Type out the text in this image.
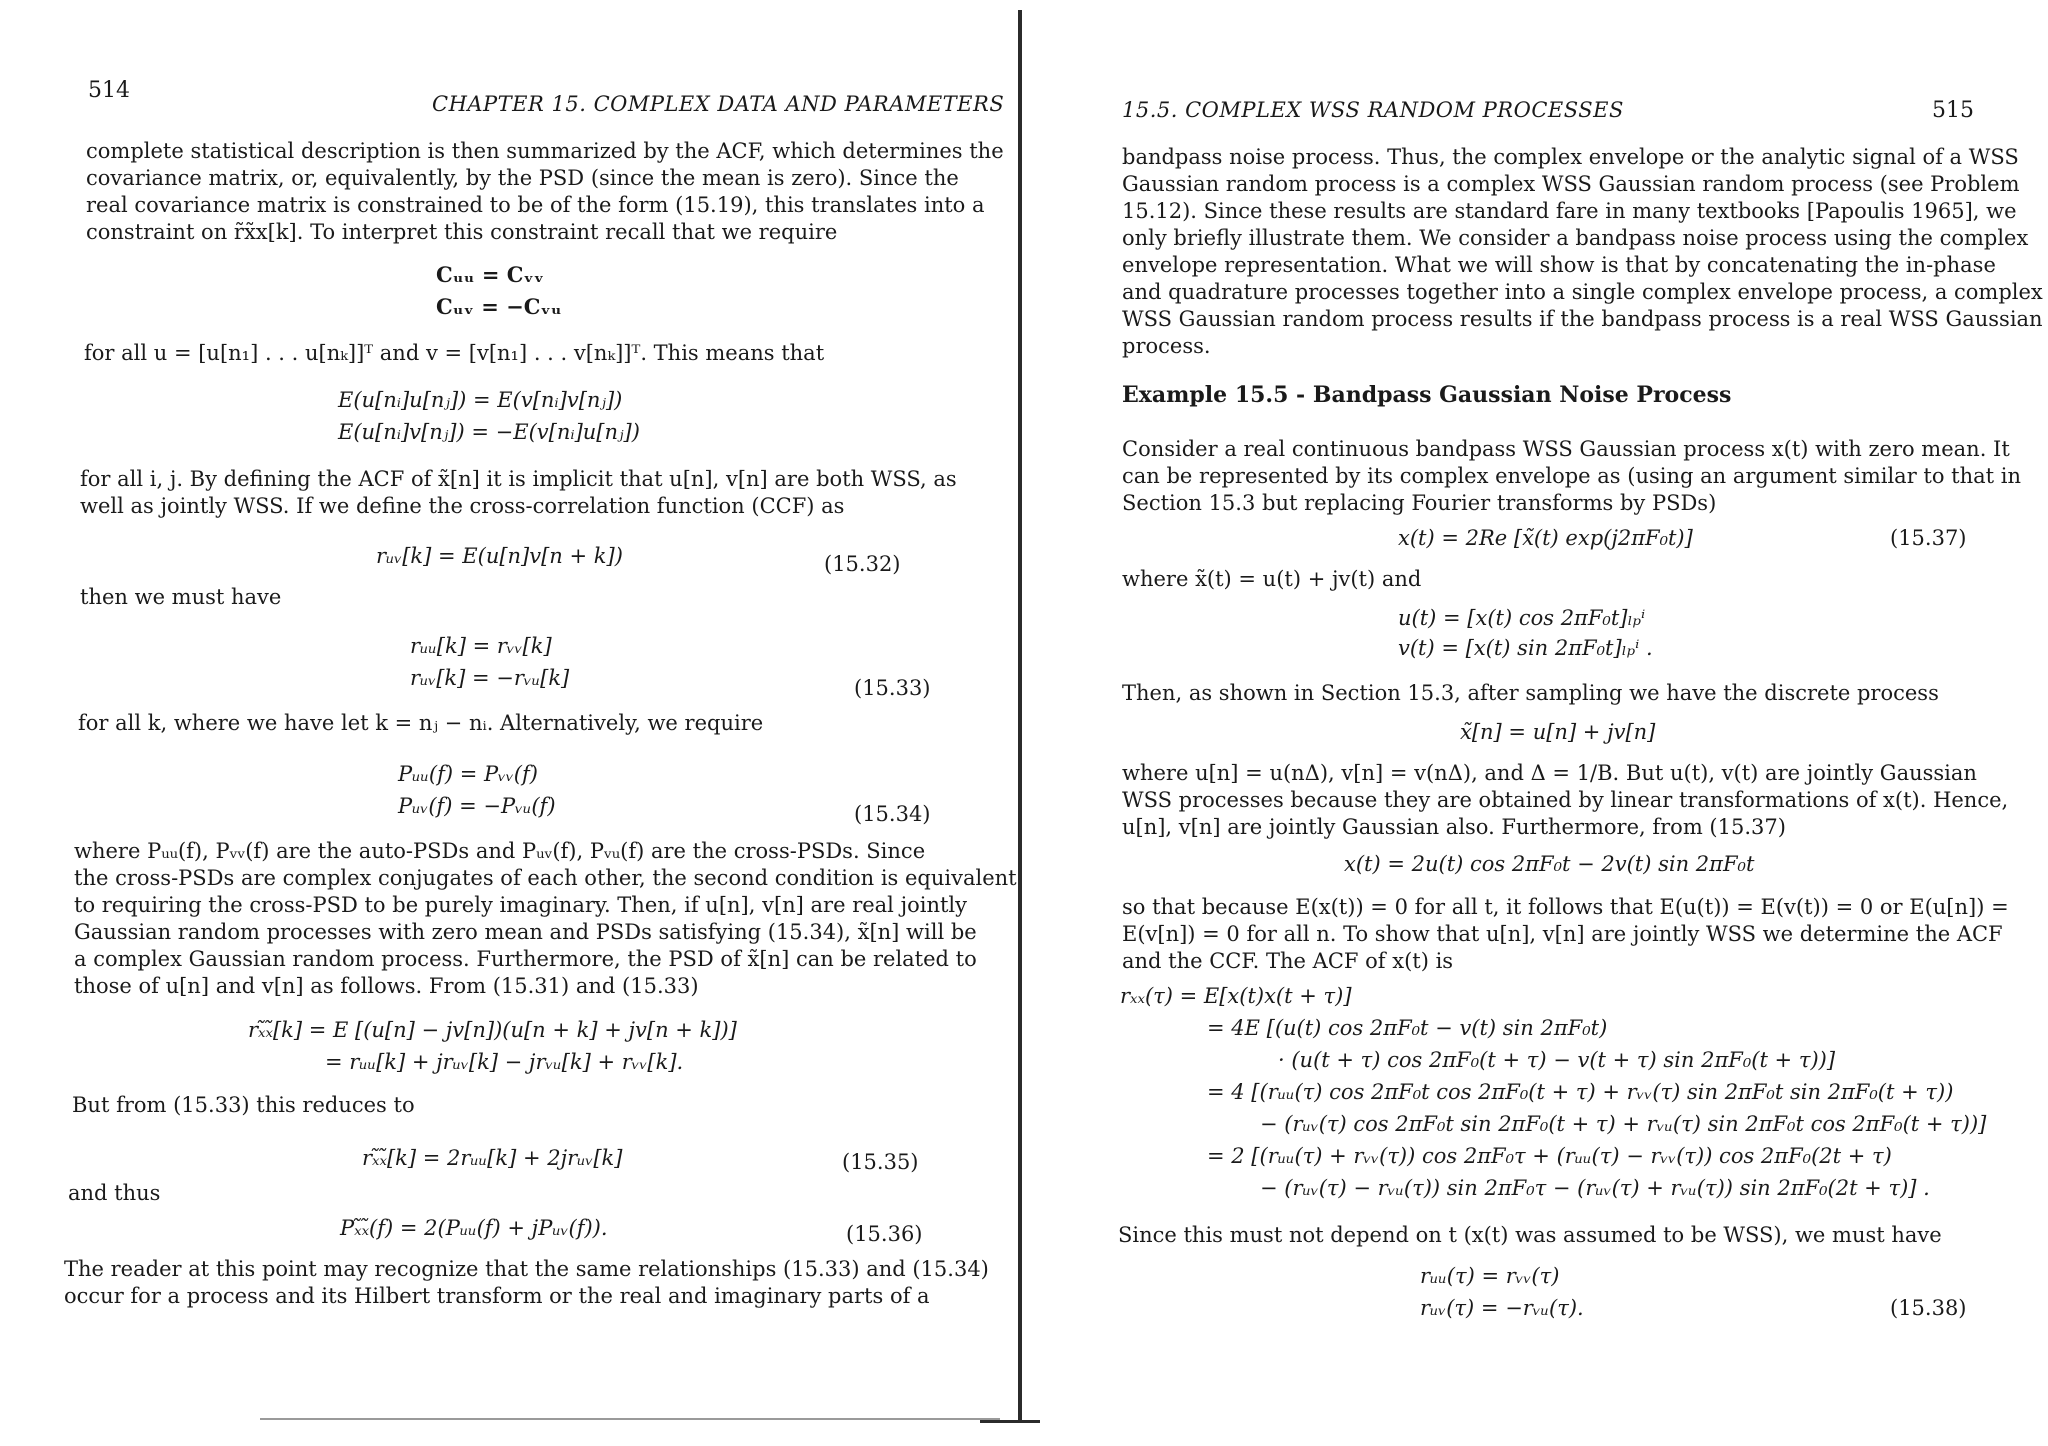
514
CHAPTER 15. COMPLEX DATA AND PARAMETERS
complete statistical description is then summarized by the ACF, which determines the
covariance matrix, or, equivalently, by the PSD (since the mean is zero). Since the
real covariance matrix is constrained to be of the form (15.19), this translates into a
constraint on r̃x̃x[k]. To interpret this constraint recall that we require
Cᵤᵤ = Cᵥᵥ
Cᵤᵥ = −Cᵥᵤ
for all u = [u[n₁] . . . u[nₖ]]ᵀ and v = [v[n₁] . . . v[nₖ]]ᵀ. This means that
E(u[nᵢ]u[nⱼ]) = E(v[nᵢ]v[nⱼ])
E(u[nᵢ]v[nⱼ]) = −E(v[nᵢ]u[nⱼ])
for all i, j. By defining the ACF of x̃[n] it is implicit that u[n], v[n] are both WSS, as
well as jointly WSS. If we define the cross-correlation function (CCF) as
rᵤᵥ[k] = E(u[n]v[n + k])	(15.32)
then we must have
rᵤᵤ[k] = rᵥᵥ[k]
rᵤᵥ[k] = −rᵥᵤ[k]	(15.33)
for all k, where we have let k = nⱼ − nᵢ. Alternatively, we require
Pᵤᵤ(f) = Pᵥᵥ(f)
Pᵤᵥ(f) = −Pᵥᵤ(f)	(15.34)
where Pᵤᵤ(f), Pᵥᵥ(f) are the auto-PSDs and Pᵤᵥ(f), Pᵥᵤ(f) are the cross-PSDs. Since
the cross-PSDs are complex conjugates of each other, the second condition is equivalent
to requiring the cross-PSD to be purely imaginary. Then, if u[n], v[n] are real jointly
Gaussian random processes with zero mean and PSDs satisfying (15.34), x̃[n] will be
a complex Gaussian random process. Furthermore, the PSD of x̃[n] can be related to
those of u[n] and v[n] as follows. From (15.31) and (15.33)
rₓ̃ₓ̃[k] = E [(u[n] − jv[n])(u[n + k] + jv[n + k])]
= rᵤᵤ[k] + jrᵤᵥ[k] − jrᵥᵤ[k] + rᵥᵥ[k].
But from (15.33) this reduces to
rₓ̃ₓ̃[k] = 2rᵤᵤ[k] + 2jrᵤᵥ[k]	(15.35)
and thus
Pₓ̃ₓ̃(f) = 2(Pᵤᵤ(f) + jPᵤᵥ(f)).	(15.36)
The reader at this point may recognize that the same relationships (15.33) and (15.34)
occur for a process and its Hilbert transform or the real and imaginary parts of a
15.5. COMPLEX WSS RANDOM PROCESSES	515
bandpass noise process. Thus, the complex envelope or the analytic signal of a WSS
Gaussian random process is a complex WSS Gaussian random process (see Problem
15.12). Since these results are standard fare in many textbooks [Papoulis 1965], we
only briefly illustrate them. We consider a bandpass noise process using the complex
envelope representation. What we will show is that by concatenating the in-phase
and quadrature processes together into a single complex envelope process, a complex
WSS Gaussian random process results if the bandpass process is a real WSS Gaussian
process.
Example 15.5 - Bandpass Gaussian Noise Process
Consider a real continuous bandpass WSS Gaussian process x(t) with zero mean. It
can be represented by its complex envelope as (using an argument similar to that in
Section 15.3 but replacing Fourier transforms by PSDs)
x(t) = 2Re [x̃(t) exp(j2πF₀t)]	(15.37)
where x̃(t) = u(t) + jv(t) and
u(t) = [x(t) cos 2πF₀t]ₗₚⁱ
v(t) = [x(t) sin 2πF₀t]ₗₚⁱ .
Then, as shown in Section 15.3, after sampling we have the discrete process
x̃[n] = u[n] + jv[n]
where u[n] = u(nΔ), v[n] = v(nΔ), and Δ = 1/B. But u(t), v(t) are jointly Gaussian
WSS processes because they are obtained by linear transformations of x(t). Hence,
u[n], v[n] are jointly Gaussian also. Furthermore, from (15.37)
x(t) = 2u(t) cos 2πF₀t − 2v(t) sin 2πF₀t
so that because E(x(t)) = 0 for all t, it follows that E(u(t)) = E(v(t)) = 0 or E(u[n]) =
E(v[n]) = 0 for all n. To show that u[n], v[n] are jointly WSS we determine the ACF
and the CCF. The ACF of x(t) is
rₓₓ(τ) = E[x(t)x(t + τ)]
= 4E [(u(t) cos 2πF₀t − v(t) sin 2πF₀t)
· (u(t + τ) cos 2πF₀(t + τ) − v(t + τ) sin 2πF₀(t + τ))]
= 4 [(rᵤᵤ(τ) cos 2πF₀t cos 2πF₀(t + τ) + rᵥᵥ(τ) sin 2πF₀t sin 2πF₀(t + τ))
− (rᵤᵥ(τ) cos 2πF₀t sin 2πF₀(t + τ) + rᵥᵤ(τ) sin 2πF₀t cos 2πF₀(t + τ))]
= 2 [(rᵤᵤ(τ) + rᵥᵥ(τ)) cos 2πF₀τ + (rᵤᵤ(τ) − rᵥᵥ(τ)) cos 2πF₀(2t + τ)
− (rᵤᵥ(τ) − rᵥᵤ(τ)) sin 2πF₀τ − (rᵤᵥ(τ) + rᵥᵤ(τ)) sin 2πF₀(2t + τ)] .
Since this must not depend on t (x(t) was assumed to be WSS), we must have
rᵤᵤ(τ) = rᵥᵥ(τ)
rᵤᵥ(τ) = −rᵥᵤ(τ).	(15.38)
